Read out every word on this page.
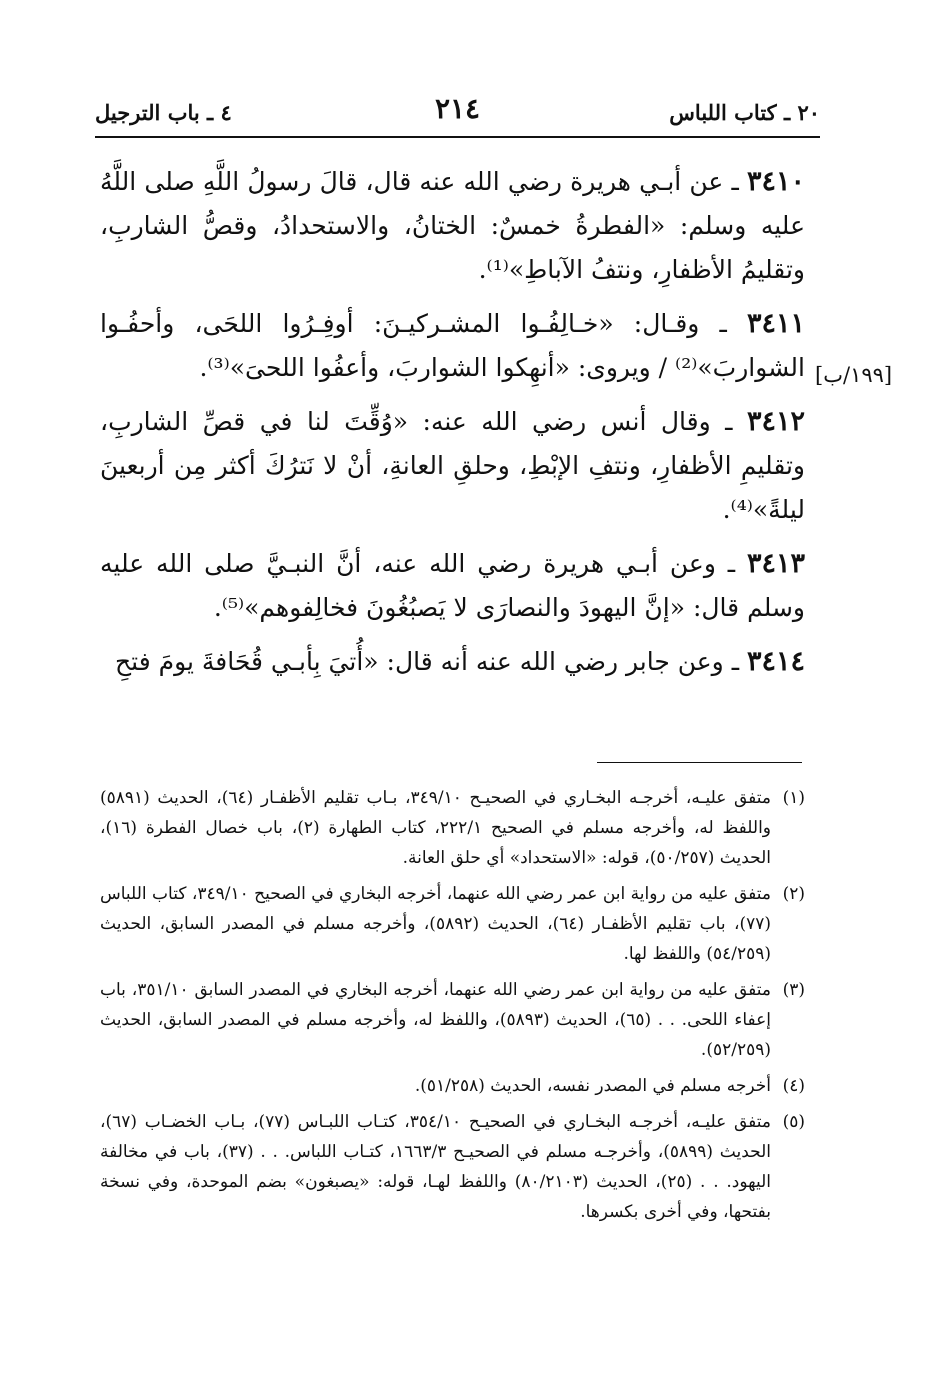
٢٠ ـ كتاب اللباس
٢١٤
٤ ـ باب الترجيل
[١٩٩/ب]

٣٤١٠ ـ عن أبـي هريرة رضي الله عنه قال، قالَ رسولُ اللَّهِ صلى اللَّهُ عليه وسلم: «الفطرةُ خمسٌ: الختانُ، والاستحدادُ، وقصُّ الشاربِ، وتقليمُ الأظفارِ، ونتفُ الآباطِ»⁽¹⁾.

٣٤١١ ـ وقـال: «خـالِفُـوا المشـركيـنَ: أوفِـرُوا اللحَى، وأحفُـوا الشواربَ»⁽²⁾ / ويروى: «أنهِكوا الشواربَ، وأعفُوا اللحىَ»⁽³⁾.

٣٤١٢ ـ وقال أنس رضي الله عنه: «وُقِّتَ لنا في قصِّ الشاربِ، وتقليمِ الأظفارِ، ونتفِ الإبْطِ، وحلقِ العانةِ، أنْ لا نَترُكَ أكثر مِن أربعينَ ليلةً»⁽⁴⁾.

٣٤١٣ ـ وعن أبـي هريرة رضي الله عنه، أنَّ النبـيَّ صلى الله عليه وسلم قال: «إنَّ اليهودَ والنصارَى لا يَصبُغُونَ فخالِفوهم»⁽⁵⁾.

٣٤١٤ ـ وعن جابر رضي الله عنه أنه قال: «أُتيَ بِأبـي قُحَافةَ يومَ فتحِ

(١)
متفق عليـه، أخرجـه البخـاري في الصحيـح ٣٤٩/١٠، بـاب تقليم الأظفـار (٦٤)، الحديث (٥٨٩١) واللفظ له، وأخرجه مسلم في الصحيح ٢٢٢/١، كتاب الطهارة (٢)، باب خصال الفطرة (١٦)، الحديث (٥٠/٢٥٧)، قوله: «الاستحداد» أي حلق العانة.
(٢)
متفق عليه من رواية ابن عمر رضي الله عنهما، أخرجه البخاري في الصحيح ٣٤٩/١٠، كتاب اللباس (٧٧)، باب تقليم الأظفـار (٦٤)، الحديث (٥٨٩٢)، وأخرجه مسلم في المصدر السابق، الحديث (٥٤/٢٥٩) واللفظ لها.
(٣)
متفق عليه من رواية ابن عمر رضي الله عنهما، أخرجه البخاري في المصدر السابق ٣٥١/١٠، باب إعفاء اللحى. . . (٦٥)، الحديث (٥٨٩٣)، واللفظ له، وأخرجه مسلم في المصدر السابق، الحديث (٥٢/٢٥٩).
(٤)
أخرجه مسلم في المصدر نفسه، الحديث (٥١/٢٥٨).
(٥)
متفق عليـه، أخرجـه البخـاري في الصحيـح ٣٥٤/١٠، كتـاب اللبـاس (٧٧)، بـاب الخضـاب (٦٧)، الحديث (٥٨٩٩)، وأخرجـه مسلم في الصحيـح ١٦٦٣/٣، كتـاب اللباس. . . (٣٧)، باب في مخالفة اليهود. . . (٢٥)، الحديث (٨٠/٢١٠٣) واللفظ لهـا، قوله: «يصبغون» بضم الموحدة، وفي نسخة بفتحها، وفي أخرى بكسرها.
